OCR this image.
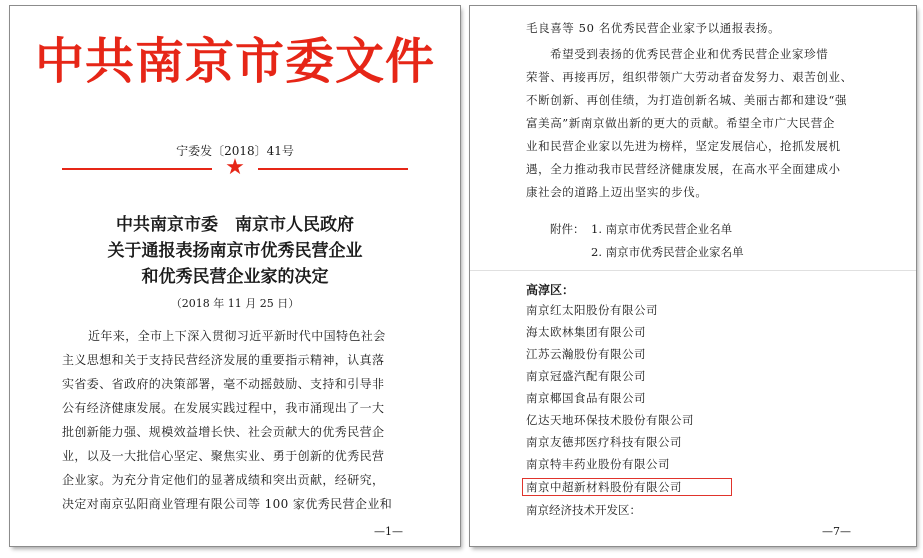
中共南京市委文件
宁委发〔2018〕41号
★
中共南京市委　南京市人民政府
关于通报表扬南京市优秀民营企业
和优秀民营企业家的决定
（2018 年 11 月 25 日）
近年来，全市上下深入贯彻习近平新时代中国特色社会
主义思想和关于支持民营经济发展的重要指示精神，认真落
实省委、省政府的决策部署，毫不动摇鼓励、支持和引导非
公有经济健康发展。在发展实践过程中，我市涌现出了一大
批创新能力强、规模效益增长快、社会贡献大的优秀民营企
业，以及一大批信心坚定、聚焦实业、勇于创新的优秀民营
企业家。为充分肯定他们的显著成绩和突出贡献，经研究，
决定对南京弘阳商业管理有限公司等 100 家优秀民营企业和
—1—
毛良喜等 50 名优秀民营企业家予以通报表扬。
希望受到表扬的优秀民营企业和优秀民营企业家珍惜
荣誉、再接再厉，组织带领广大劳动者奋发努力、艰苦创业、
不断创新、再创佳绩，为打造创新名城、美丽古都和建设“强
富美高”新南京做出新的更大的贡献。希望全市广大民营企
业和民营企业家以先进为榜样，坚定发展信心，抢抓发展机
遇，全力推动我市民营经济健康发展，在高水平全面建成小
康社会的道路上迈出坚实的步伐。
附件： 1. 南京市优秀民营企业名单
2. 南京市优秀民营企业家名单
高淳区：
南京红太阳股份有限公司
海太欧林集团有限公司
江苏云瀚股份有限公司
南京冠盛汽配有限公司
南京椰国食品有限公司
亿达天地环保技术股份有限公司
南京友德邦医疗科技有限公司
南京特丰药业股份有限公司
南京中超新材料股份有限公司
南京经济技术开发区：
—7—
